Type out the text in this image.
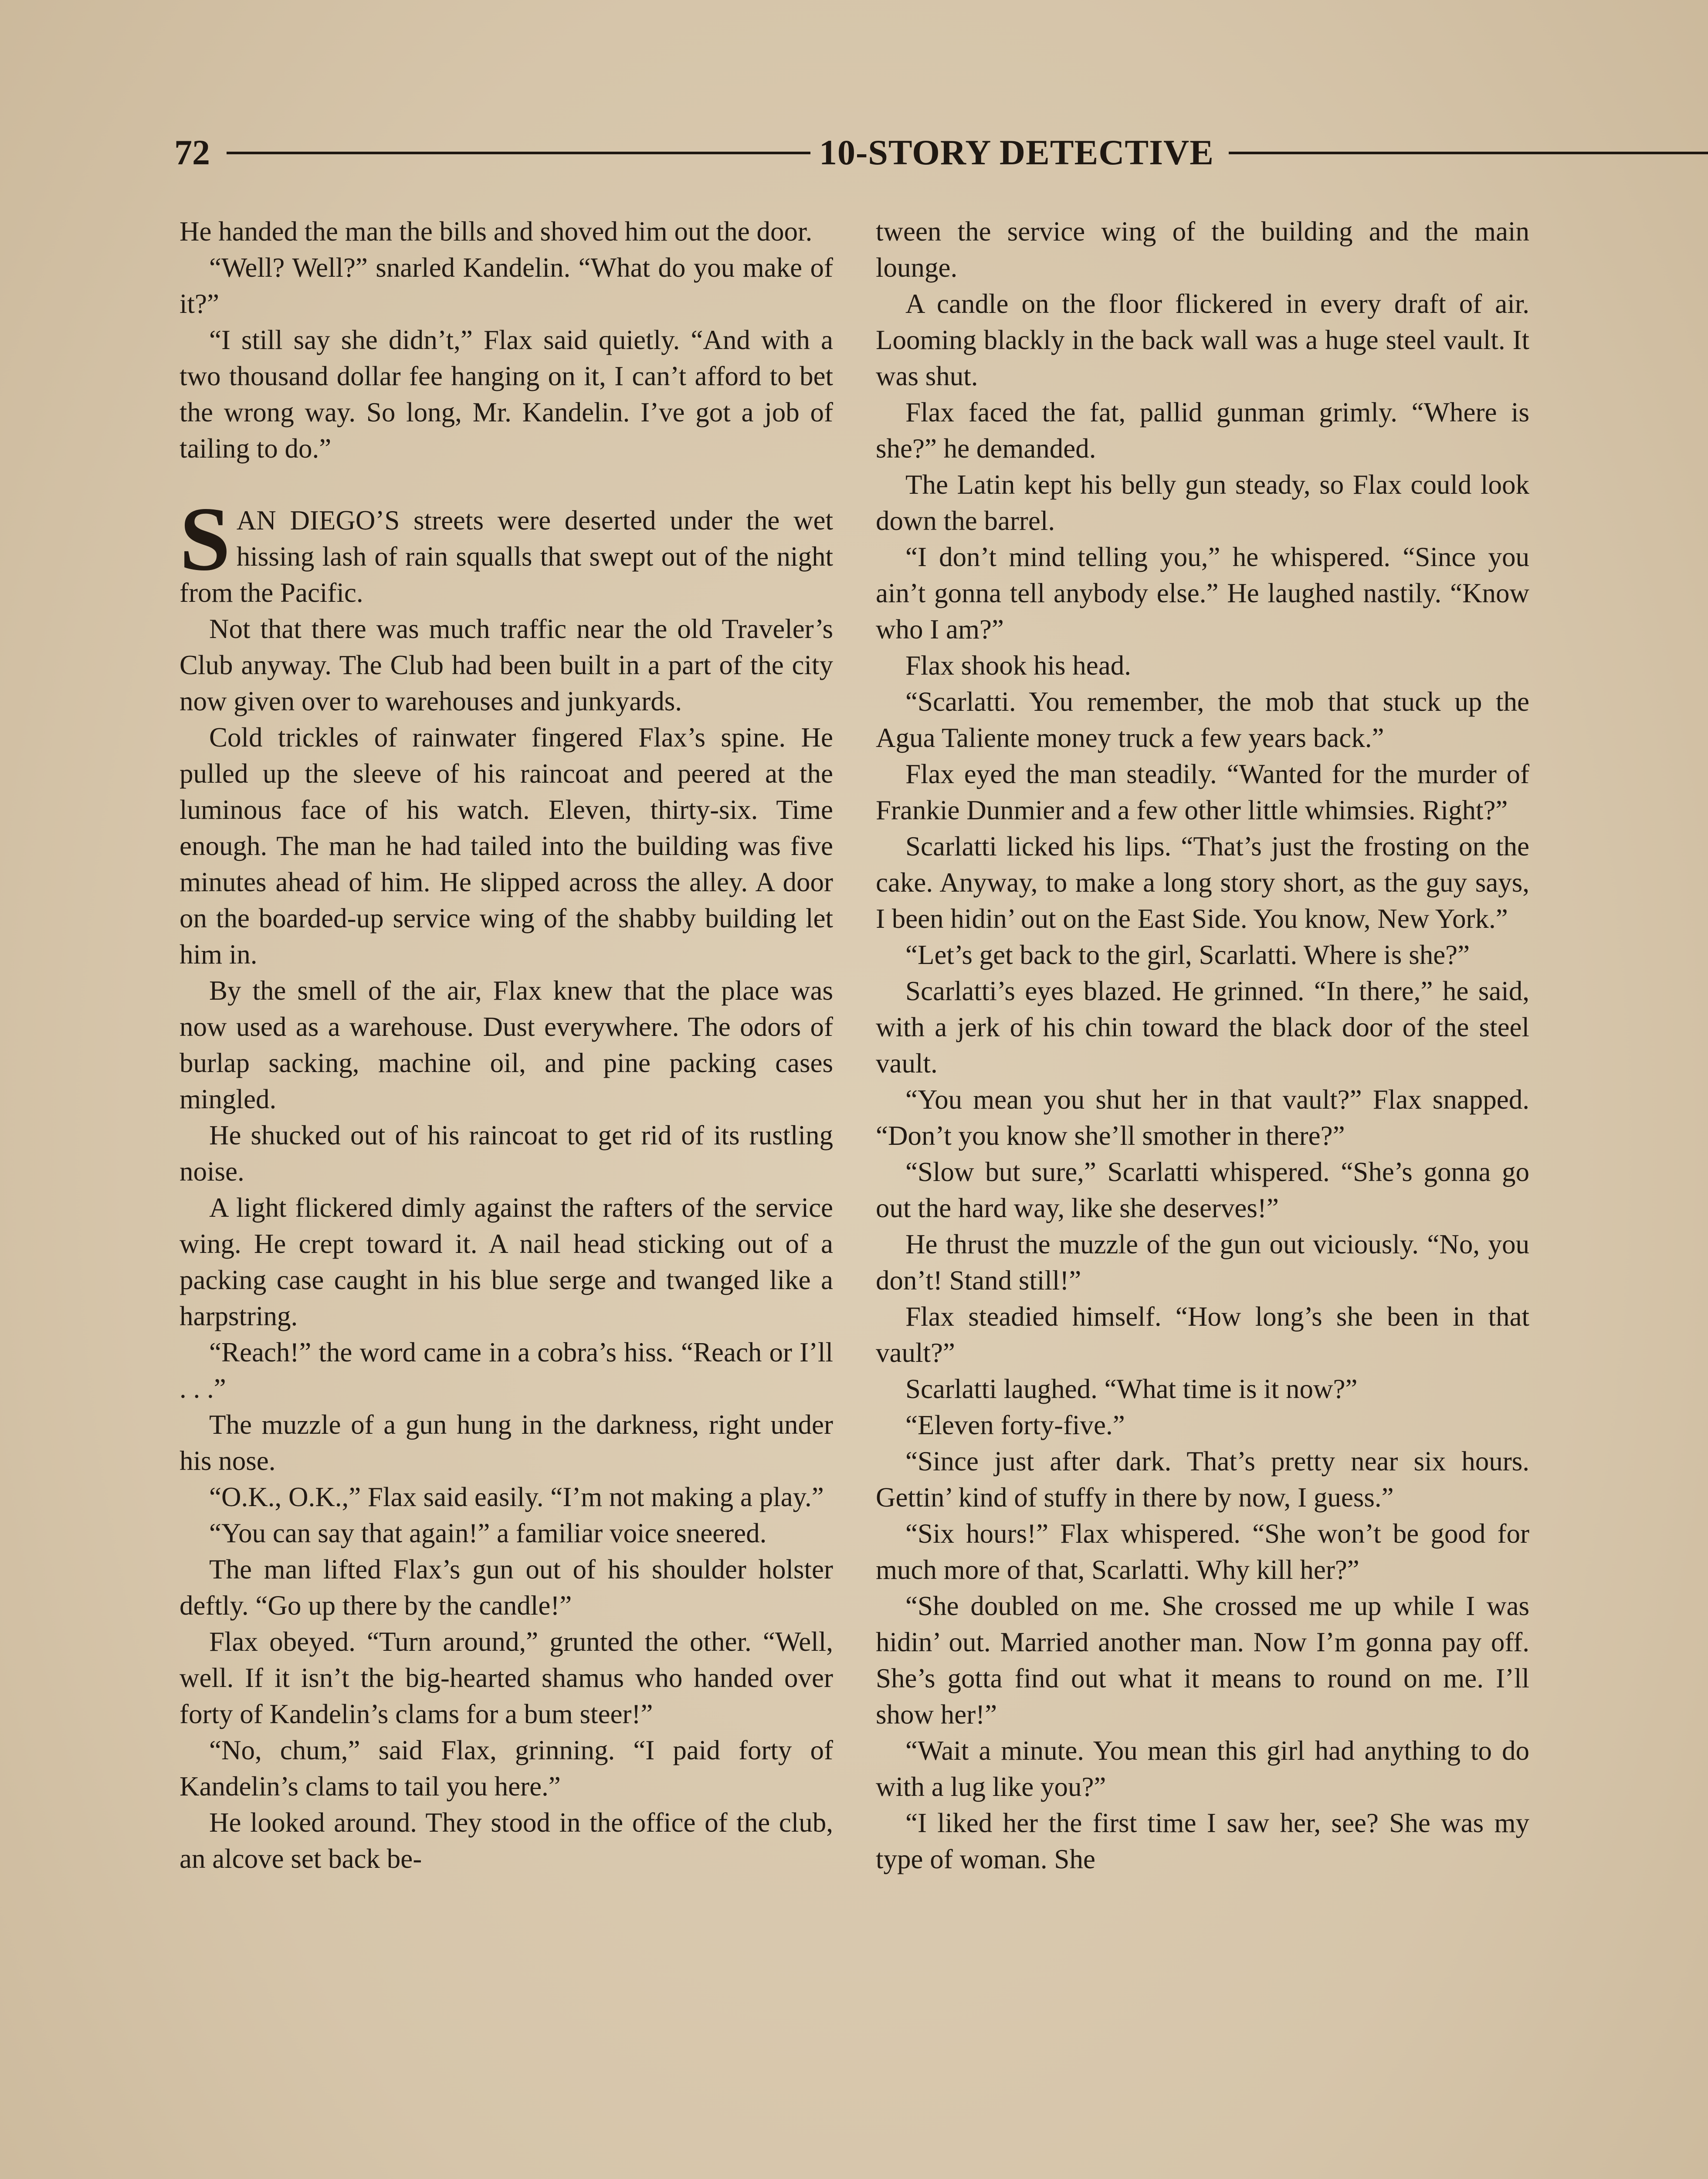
72	10-STORY DETECTIVE

He handed the man the bills and shoved him out the door.

“Well? Well?” snarled Kandelin. “What do you make of it?”

“I still say she didn’t,” Flax said quietly. “And with a two thousand dollar fee hanging on it, I can’t afford to bet the wrong way. So long, Mr. Kandelin. I’ve got a job of tailing to do.”

SAN DIEGO’S streets were deserted under the wet hissing lash of rain squalls that swept out of the night from the Pacific.

Not that there was much traffic near the old Traveler’s Club anyway. The Club had been built in a part of the city now given over to warehouses and junkyards.

Cold trickles of rainwater fingered Flax’s spine. He pulled up the sleeve of his raincoat and peered at the luminous face of his watch. Eleven, thirty-six. Time enough. The man he had tailed into the building was five minutes ahead of him. He slipped across the alley. A door on the boarded-up service wing of the shabby building let him in.

By the smell of the air, Flax knew that the place was now used as a warehouse. Dust everywhere. The odors of burlap sacking, machine oil, and pine packing cases mingled.

He shucked out of his raincoat to get rid of its rustling noise.

A light flickered dimly against the rafters of the service wing. He crept toward it. A nail head sticking out of a packing case caught in his blue serge and twanged like a harpstring.

“Reach!” the word came in a cobra’s hiss. “Reach or I’ll . . .”

The muzzle of a gun hung in the darkness, right under his nose.

“O.K., O.K.,” Flax said easily. “I’m not making a play.”

“You can say that again!” a familiar voice sneered.

The man lifted Flax’s gun out of his shoulder holster deftly. “Go up there by the candle!”

Flax obeyed. “Turn around,” grunted the other. “Well, well. If it isn’t the big-hearted shamus who handed over forty of Kandelin’s clams for a bum steer!”

“No, chum,” said Flax, grinning. “I paid forty of Kandelin’s clams to tail you here.”

He looked around. They stood in the office of the club, an alcove set back be-

tween the service wing of the building and the main lounge.

A candle on the floor flickered in every draft of air. Looming blackly in the back wall was a huge steel vault. It was shut.

Flax faced the fat, pallid gunman grimly. “Where is she?” he demanded.

The Latin kept his belly gun steady, so Flax could look down the barrel.

“I don’t mind telling you,” he whispered. “Since you ain’t gonna tell anybody else.” He laughed nastily. “Know who I am?”

Flax shook his head.

“Scarlatti. You remember, the mob that stuck up the Agua Taliente money truck a few years back.”

Flax eyed the man steadily. “Wanted for the murder of Frankie Dunmier and a few other little whimsies. Right?”

Scarlatti licked his lips. “That’s just the frosting on the cake. Anyway, to make a long story short, as the guy says, I been hidin’ out on the East Side. You know, New York.”

“Let’s get back to the girl, Scarlatti. Where is she?”

Scarlatti’s eyes blazed. He grinned. “In there,” he said, with a jerk of his chin toward the black door of the steel vault.

“You mean you shut her in that vault?” Flax snapped. “Don’t you know she’ll smother in there?”

“Slow but sure,” Scarlatti whispered. “She’s gonna go out the hard way, like she deserves!”

He thrust the muzzle of the gun out viciously. “No, you don’t! Stand still!”

Flax steadied himself. “How long’s she been in that vault?”

Scarlatti laughed. “What time is it now?”

“Eleven forty-five.”

“Since just after dark. That’s pretty near six hours. Gettin’ kind of stuffy in there by now, I guess.”

“Six hours!” Flax whispered. “She won’t be good for much more of that, Scarlatti. Why kill her?”

“She doubled on me. She crossed me up while I was hidin’ out. Married another man. Now I’m gonna pay off. She’s gotta find out what it means to round on me. I’ll show her!”

“Wait a minute. You mean this girl had anything to do with a lug like you?”

“I liked her the first time I saw her, see? She was my type of woman. She
